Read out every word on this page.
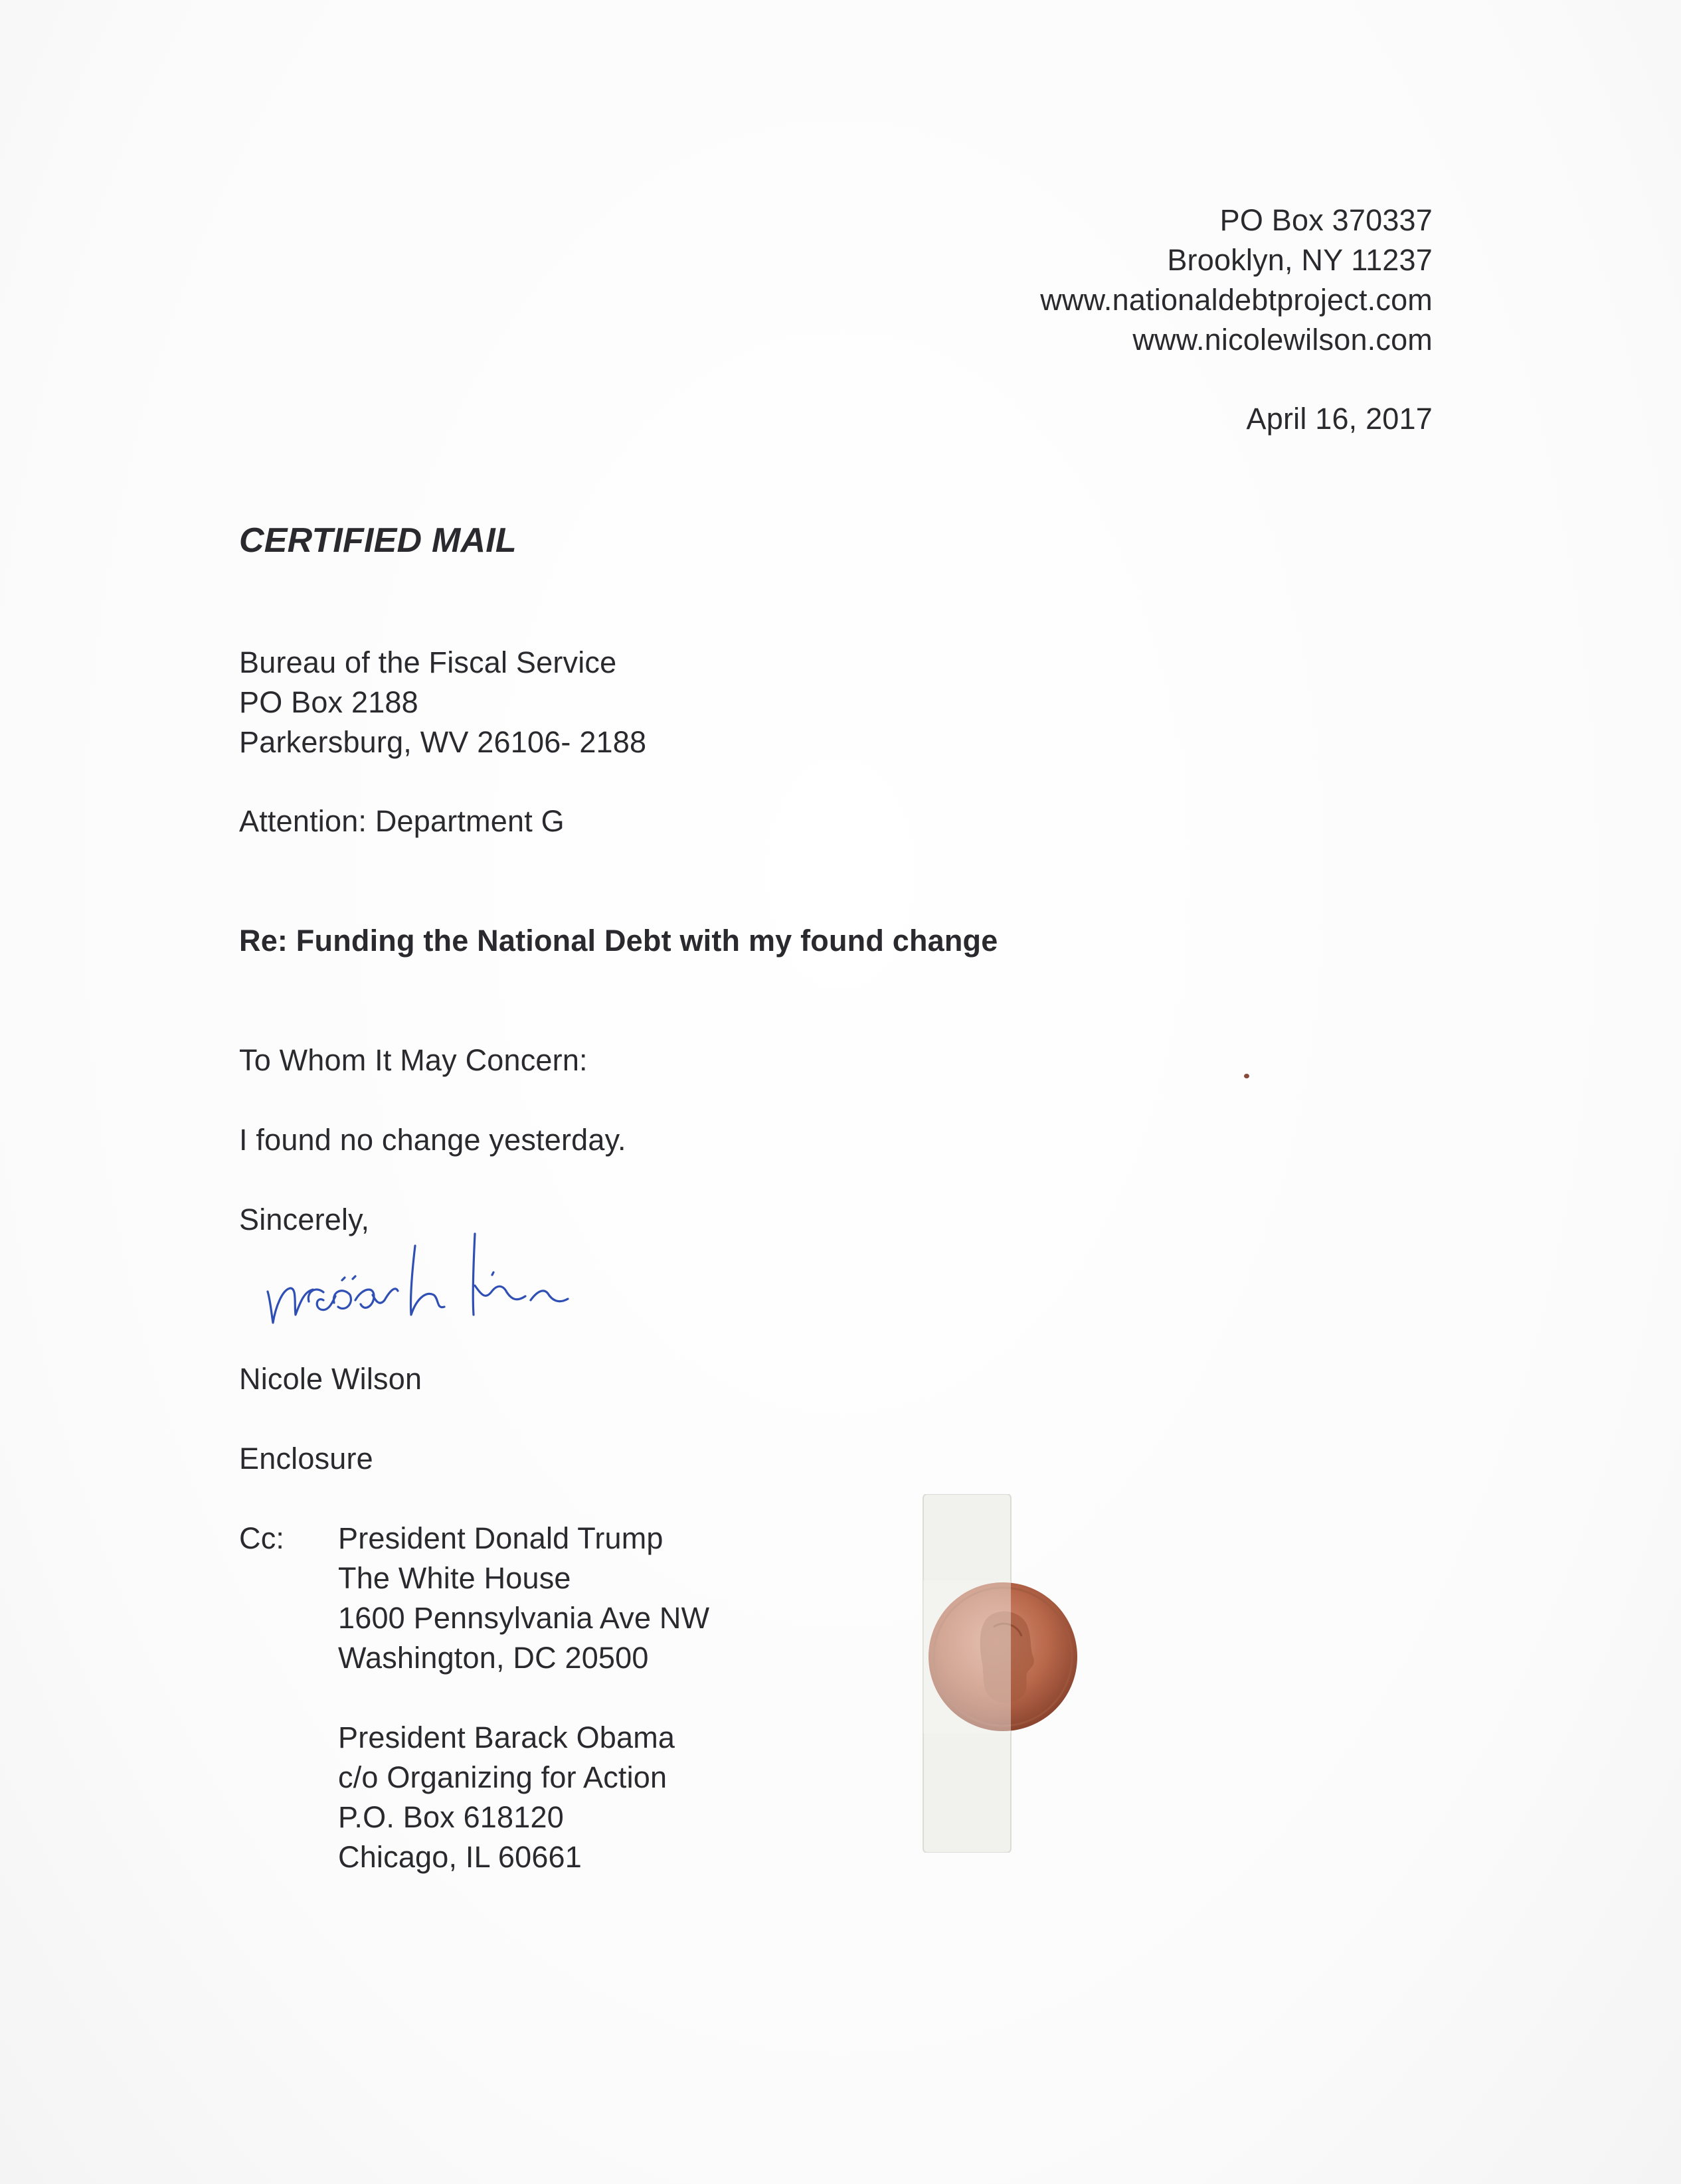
PO Box 370337
Brooklyn, NY 11237
www.nationaldebtproject.com
www.nicolewilson.com
April 16, 2017
CERTIFIED MAIL
Bureau of the Fiscal Service
PO Box 2188
Parkersburg, WV 26106- 2188
Attention: Department G
Re: Funding the National Debt with my found change
To Whom It May Concern:
I found no change yesterday.
Sincerely,
Nicole Wilson
Enclosure
Cc: President Donald Trump
The White House
1600 Pennsylvania Ave NW
Washington, DC 20500
President Barack Obama
c/o Organizing for Action
P.O. Box 618120
Chicago, IL 60661
